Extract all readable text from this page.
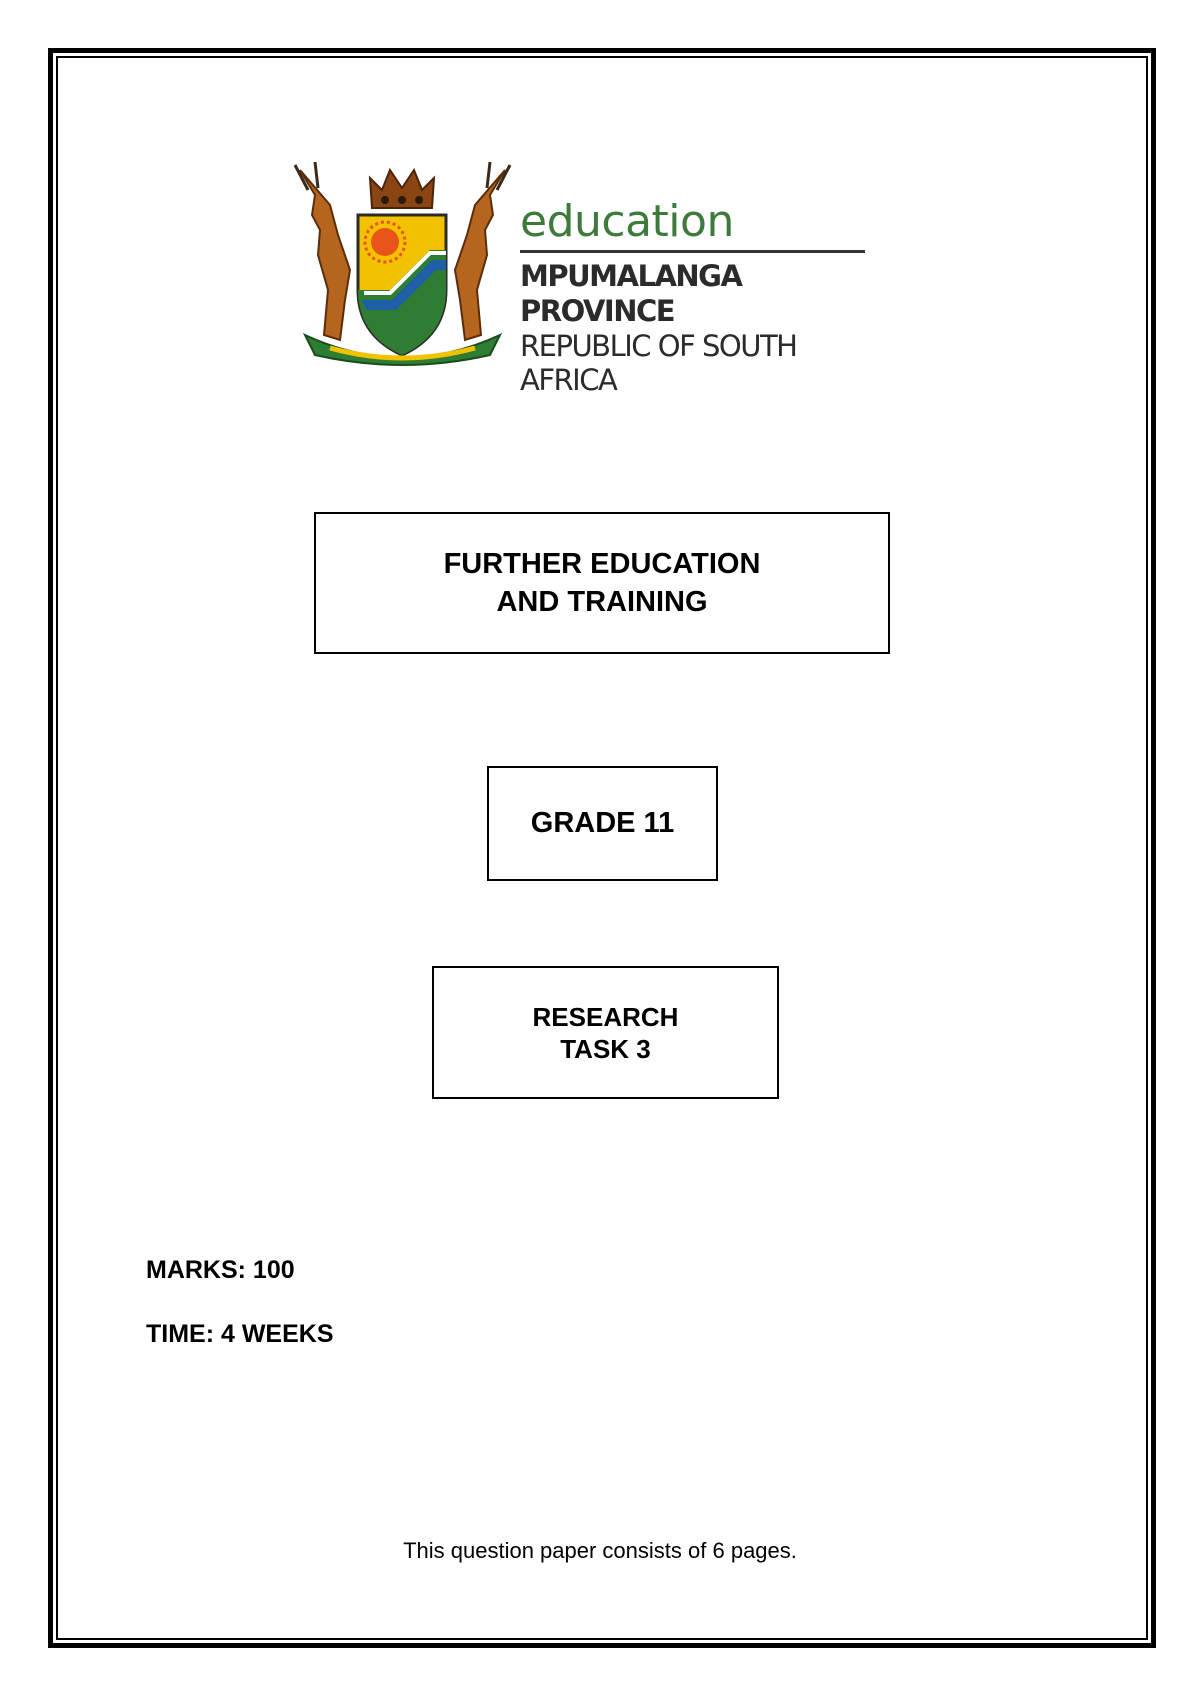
education
MPUMALANGA PROVINCE
REPUBLIC OF SOUTH AFRICA
FURTHER EDUCATION
AND TRAINING
GRADE 11
RESEARCH
TASK 3
MARKS: 100
TIME: 4 WEEKS
This question paper consists of 6 pages.
